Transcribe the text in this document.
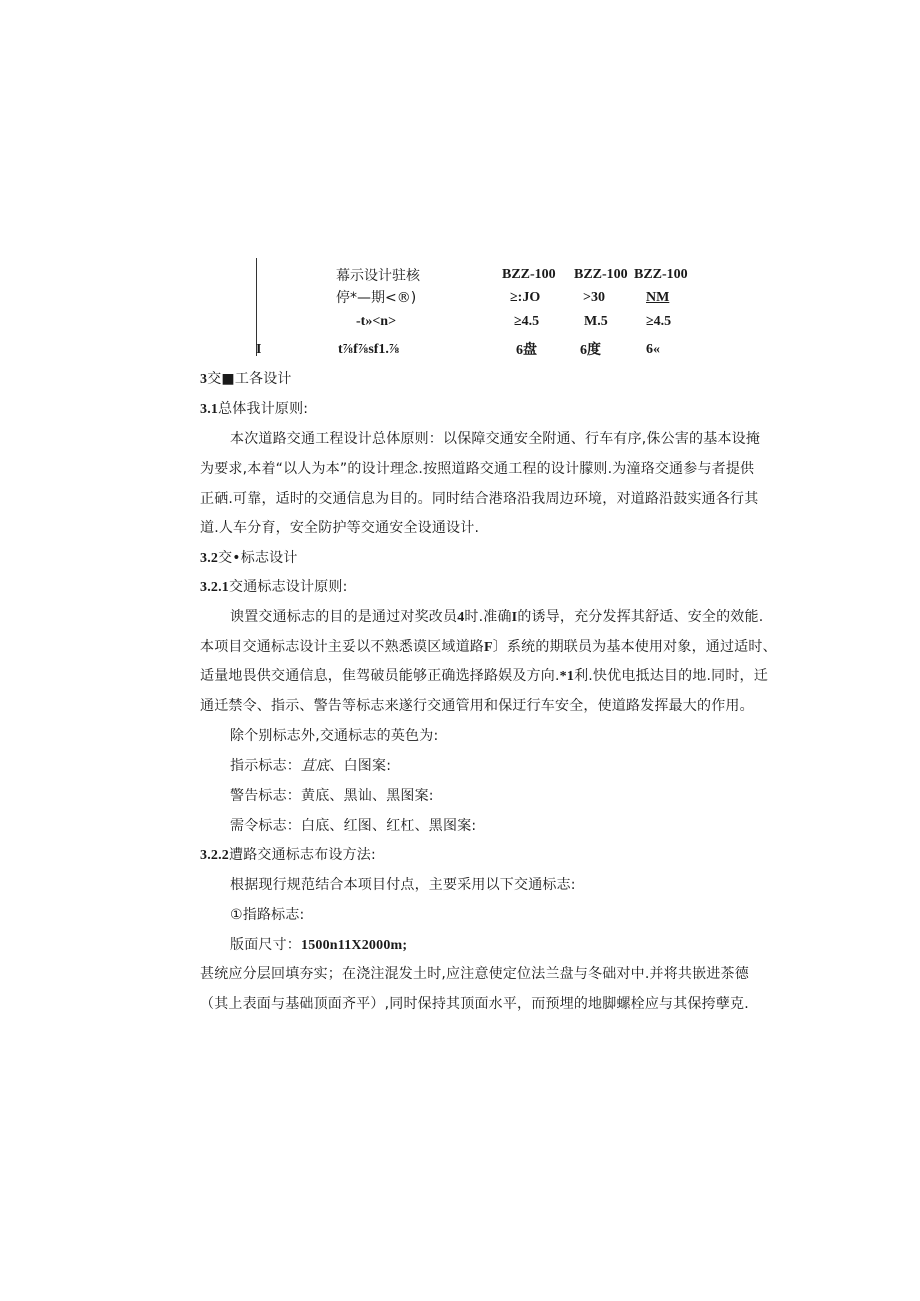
幕示设计驻核	BZZ-100 BZZ-100 BZZ-100
停*—期<®)	≥:JO	>30	NM
-t»<n>	≥4.5	M.5	≥4.5
I	t⅞f⅞sf1.⅞	6盘	6度	6«
3交■工各设计
3.1总体我计原则:
本次道路交通工程设计总体原则：以保障交通安全附通、行车有序,侏公害的基本设掩
为要求,本着“以人为本”的设计理念.按照道路交通工程的设计朦则.为潼珞交通参与者提供
正硒.可靠，适时的交通信息为目的。同时结合港珞沿我周边环境，对道路沿鼓实通各行其
道.人车分育，安全防护等交通安全设通设计.
3.2交•标志设计
3.2.1交通标志设计原则:
谀置交通标志的目的是通过对奖改员4时.准确I的诱导，充分发挥其舒适、安全的效能.
本项目交通标志设计主妥以不熟悉谟区域道路F〕系统的期联员为基本使用对象，通过适时、
适量地畏供交通信息，隹驾破员能够正确选择路娱及方向.*1利.快优电抵达目的地.同时，迁
通迁禁令、指示、警告等标志来遂行交通管用和保迂行车安全，使道路发挥最大的作用。
除个别标志外,交通标志的英色为:
指示标志：苴底、白图案:
警告标志：黄底、黑讪、黑图案:
需令标志：白底、红图、红杠、黑图案:
3.2.2遭路交通标志布设方法:
根据现行规范结合本项目付点，主要采用以下交通标志:
①指路标志:
版面尺寸：1500n11X2000m;
甚统应分层回填夯实；在浇注混发土时,应注意使定位法兰盘与冬础对中.并将共嵌进茶德
（其上表面与基础顶面齐平）,同时保持其顶面水平，而预埋的地脚螺栓应与其保挎孽克.
